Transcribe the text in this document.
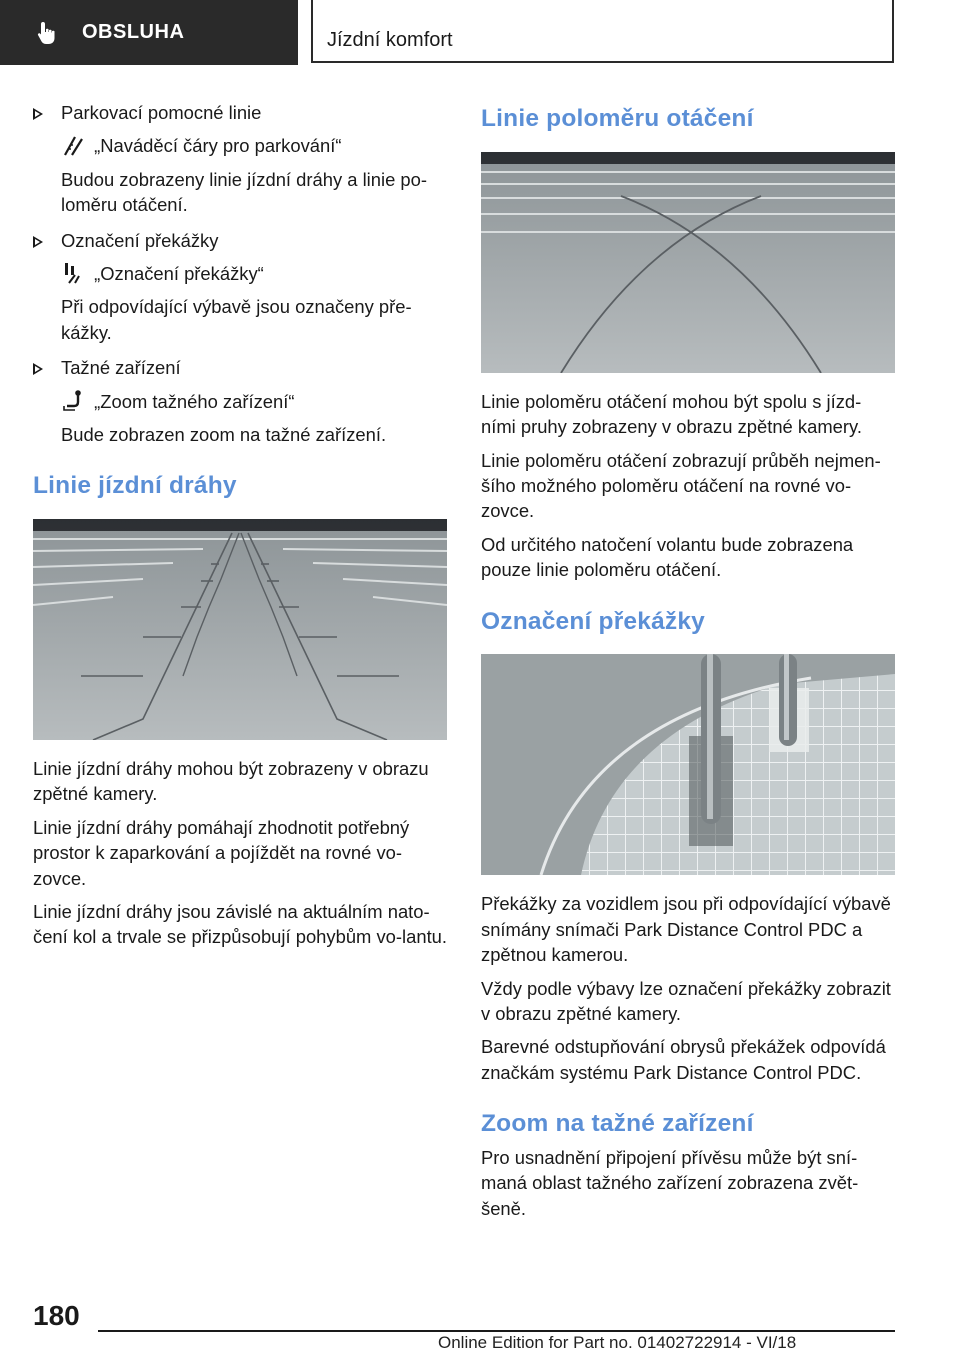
OBSLUHA	Jízdní komfort
Parkovací pomocné linie
„Naváděcí čáry pro parkování“

Budou zobrazeny linie jízdní dráhy a linie po-loměru otáčení.

Označení překážky
„Označení překážky“

Při odpovídající výbavě jsou označeny pře-kážky.

Tažné zařízení
„Zoom tažného zařízení“

Bude zobrazen zoom na tažné zařízení.

Linie jízdní dráhy

Linie jízdní dráhy mohou být zobrazeny v obrazu zpětné kamery.

Linie jízdní dráhy pomáhají zhodnotit potřebný prostor k zaparkování a pojíždět na rovné vo-zovce.

Linie jízdní dráhy jsou závislé na aktuálním nato-čení kol a trvale se přizpůsobují pohybům vo-lantu.

Linie poloměru otáčení

Linie poloměru otáčení mohou být spolu s jízd-ními pruhy zobrazeny v obrazu zpětné kamery.

Linie poloměru otáčení zobrazují průběh nejmen-šího možného poloměru otáčení na rovné vo-zovce.

Od určitého natočení volantu bude zobrazena pouze linie poloměru otáčení.

Označení překážky

Překážky za vozidlem jsou při odpovídající výbavě snímány snímači Park Distance Control PDC a zpětnou kamerou.

Vždy podle výbavy lze označení překážky zobrazit v obrazu zpětné kamery.

Barevné odstupňování obrysů překážek odpovídá značkám systému Park Distance Control PDC.

Zoom na tažné zařízení

Pro usnadnění připojení přívěsu může být sní-maná oblast tažného zařízení zobrazena zvět-šeně.

180
Online Edition for Part no. 01402722914 - VI/18
